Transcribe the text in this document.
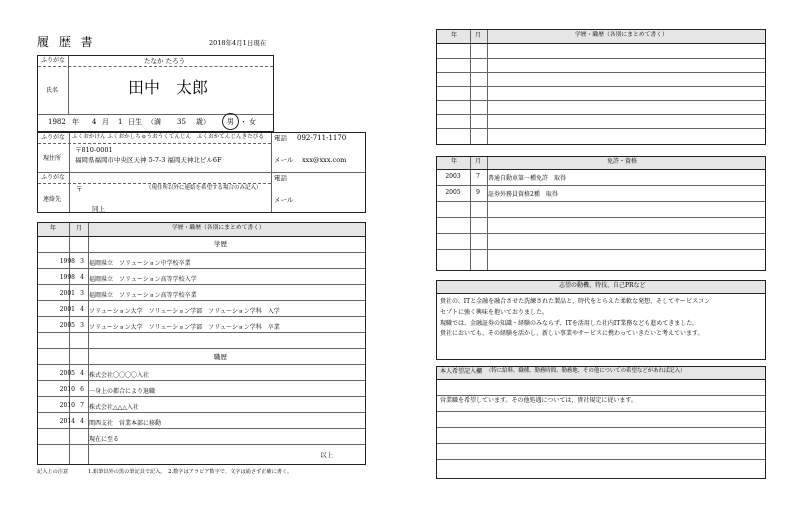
履 歴 書	2018年4月1日現在
ふりがな	たなか たろう
氏名	田中　太郎
1982 年 4 月 1 日生 （満 35 歳） 男 ・ 女
ふりがな ふくおかけん ふくおかしちゅうおうくてんじん　ふくおかてんじんきたびる
現住所
〒810-0001
福岡県福岡市中央区天神 5-7-3 福岡天神北ビル6F
電話 092-711-1170
メール xxx@xxx.com
ふりがな
連絡先
〒	（現住所以外に連絡を希望する場合のみ記入）
同上
電話
メール
年	月	学歴・職歴（各別にまとめて書く）
学歴
1998 3 福岡県立　ソリューション中学校卒業
1998 4 福岡県立　ソリューション高等学校入学
2001 3 福岡県立　ソリューション高等学校卒業
2001 4 ソリューション大学　ソリューション学部　ソリューション学科　入学
2005 3 ソリューション大学　ソリューション学部　ソリューション学科　卒業
職歴
2005 4 株式会社〇〇〇〇入社
2010 6 一身上の都合により退職
2010 7 株式会社△△△入社
2014 4 関西支社　営業本部に移動
現在に至る
以上
記入上の注意	1.鉛筆以外の黒の筆記具で記入。　2.数字はアラビア数字で、文字は崩さず正確に書く。
年	月	学歴・職歴（各別にまとめて書く）
年	月	免許・資格
2003	7	普通自動車第一種免許　取得
2005	9	証券外務員資格2種　取得
志望の動機、特技、自己PRなど
貴社の、ITと金融を融合させた洗練された製品と、時代をとらえた柔軟な発想、そしてサービスコン
セプトに強く興味を抱いておりました。
現職では、金融証券の知識・経験のみならず、ITを活用した社内IT業務なども進めてきました。
貴社においても、その経験を活かし、新しい事業やサービスに携わっていきたいと考えています。
本人希望記入欄 （特に給料、職種、勤務時間、勤務地、その他についての希望などがあれば記入）
営業職を希望しています。その他処遇については、貴社規定に従います。
